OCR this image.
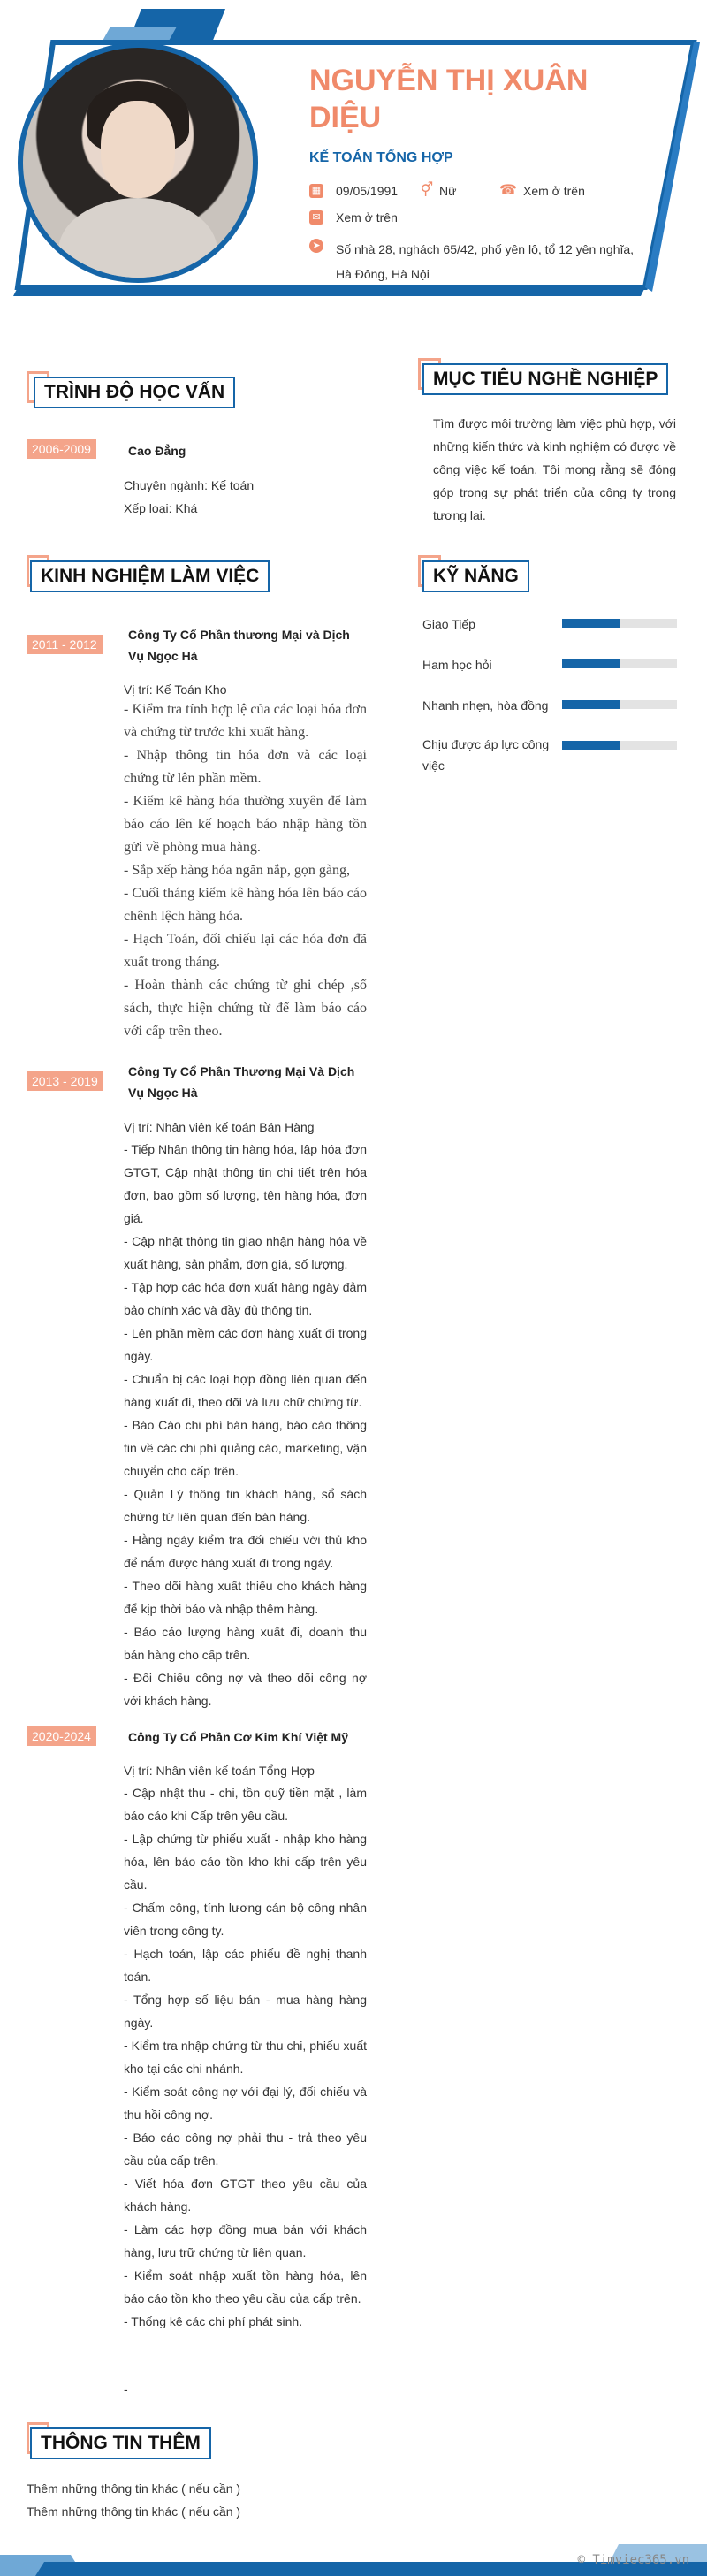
NGUYỄN THỊ XUÂN DIỆU
KẾ TOÁN TỔNG HỢP
▦ 09/05/1991 ⚥ Nữ	☎ Xem ở trên
✉ Xem ở trên
➤ Số nhà 28, nghách 65/42, phố yên lộ, tổ 12 yên nghĩa, Hà Đông, Hà Nội
TRÌNH ĐỘ HỌC VẤN
2006-2009	Cao Đẳng
Chuyên ngành: Kế toán
Xếp loại: Khá
MỤC TIÊU NGHỀ NGHIỆP
Tìm được môi trường làm việc phù hợp, với những kiến thức và kinh nghiệm có được về công việc kế toán. Tôi mong rằng sẽ đóng góp trong sự phát triển của công ty trong tương lai.
KINH NGHIỆM LÀM VIỆC
2011 - 2012
Công Ty Cổ Phần thương Mại và Dịch Vụ Ngọc Hà
Vị trí: Kế Toán Kho
- Kiểm tra tính hợp lệ của các loại hóa đơn và chứng từ trước khi xuất hàng.
- Nhập thông tin hóa đơn và các loại chứng từ lên phần mềm.
- Kiểm kê hàng hóa thường xuyên để làm báo cáo lên kế hoạch báo nhập hàng tồn gửi về phòng mua hàng.
- Sắp xếp hàng hóa ngăn nắp, gọn gàng,
- Cuối tháng kiểm kê hàng hóa lên báo cáo chênh lệch hàng hóa.
- Hạch Toán, đối chiếu lại các hóa đơn đã xuất trong tháng.
- Hoàn thành các chứng từ ghi chép ,sổ sách, thực hiện chứng từ để làm báo cáo với cấp trên theo.
2013 - 2019
Công Ty Cổ Phần Thương Mại Và Dịch Vụ Ngọc Hà
Vị trí: Nhân viên kế toán Bán Hàng
- Tiếp Nhận thông tin hàng hóa, lập hóa đơn GTGT, Cập nhật thông tin chi tiết trên hóa đơn, bao gồm số lượng, tên hàng hóa, đơn giá.
- Cập nhật thông tin giao nhận hàng hóa về xuất hàng, sản phẩm, đơn giá, số lượng.
- Tập hợp các hóa đơn xuất hàng ngày đảm bảo chính xác và đầy đủ thông tin.
- Lên phần mềm các đơn hàng xuất đi trong ngày.
- Chuẩn bị các loại hợp đồng liên quan đến hàng xuất đi, theo dõi và lưu chữ chứng từ.
- Báo Cáo chi phí bán hàng, báo cáo thông tin về các chi phí quảng cáo, marketing, vận chuyển cho cấp trên.
- Quản Lý thông tin khách hàng, sổ sách chứng từ liên quan đến bán hàng.
- Hằng ngày kiểm tra đối chiếu với thủ kho để nắm được hàng xuất đi trong ngày.
- Theo dõi hàng xuất thiếu cho khách hàng để kịp thời báo và nhập thêm hàng.
- Báo cáo lượng hàng xuất đi, doanh thu bán hàng cho cấp trên.
- Đối Chiếu công nợ và theo dõi công nợ với khách hàng.
2020-2024	Công Ty Cổ Phần Cơ Kim Khí Việt Mỹ
Vị trí: Nhân viên kế toán Tổng Hợp
- Cập nhật thu - chi, tồn quỹ tiền mặt , làm báo cáo khi Cấp trên yêu cầu.
- Lập chứng từ phiếu xuất - nhập kho hàng hóa, lên báo cáo tồn kho khi cấp trên yêu cầu.
- Chấm công, tính lương cán bộ công nhân viên trong công ty.
- Hạch toán, lập các phiếu đề nghị thanh toán.
- Tổng hợp số liệu bán - mua hàng hàng ngày.
- Kiểm tra nhập chứng từ thu chi, phiếu xuất kho tại các chi nhánh.
- Kiểm soát công nợ với đại lý, đối chiếu và thu hồi công nợ.
- Báo cáo công nợ phải thu - trả theo yêu cầu của cấp trên.
- Viết hóa đơn GTGT theo yêu cầu của khách hàng.
- Làm các hợp đồng mua bán với khách hàng, lưu trữ chứng từ liên quan.
- Kiểm soát nhập xuất tồn hàng hóa, lên báo cáo tồn kho theo yêu cầu của cấp trên.
- Thống kê các chi phí phát sinh.
-
KỸ NĂNG
Giao Tiếp
Ham học hỏi
Nhanh nhẹn, hòa đồng
Chịu được áp lực công việc
THÔNG TIN THÊM
Thêm những thông tin khác ( nếu cần )
Thêm những thông tin khác ( nếu cần )
© Timviec365.vn
